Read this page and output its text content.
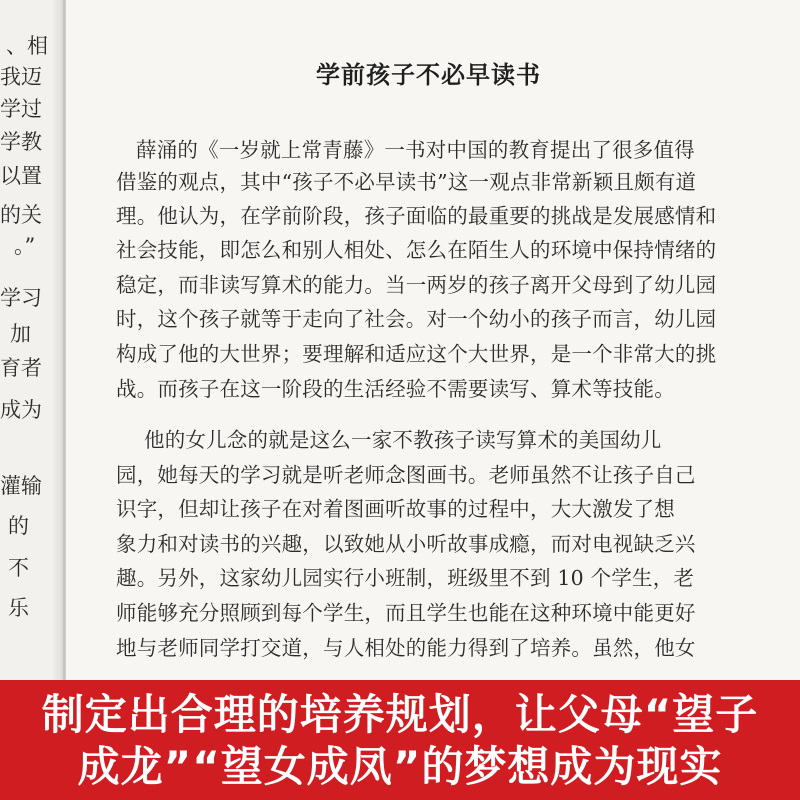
、相
我迈
学过
学教
以置
的关
。”
学习
加
育者
成为
灌输
的
不
乐
学前孩子不必早读书
薛涌的《一岁就上常青藤》一书对中国的教育提出了很多值得
借鉴的观点，其中“孩子不必早读书”这一观点非常新颖且颇有道
理。他认为，在学前阶段，孩子面临的最重要的挑战是发展感情和
社会技能，即怎么和别人相处、怎么在陌生人的环境中保持情绪的
稳定，而非读写算术的能力。当一两岁的孩子离开父母到了幼儿园
时，这个孩子就等于走向了社会。对一个幼小的孩子而言，幼儿园
构成了他的大世界；要理解和适应这个大世界，是一个非常大的挑
战。而孩子在这一阶段的生活经验不需要读写、算术等技能。
他的女儿念的就是这么一家不教孩子读写算术的美国幼儿
园，她每天的学习就是听老师念图画书。老师虽然不让孩子自己
识字，但却让孩子在对着图画听故事的过程中，大大激发了想
象力和对读书的兴趣，以致她从小听故事成瘾，而对电视缺乏兴
趣。另外，这家幼儿园实行小班制，班级里不到 10 个学生，老
师能够充分照顾到每个学生，而且学生也能在这种环境中能更好
地与老师同学打交道，与人相处的能力得到了培养。虽然，他女
制定出合理的培养规划，让父母“望子
成龙”“望女成凤”的梦想成为现实
